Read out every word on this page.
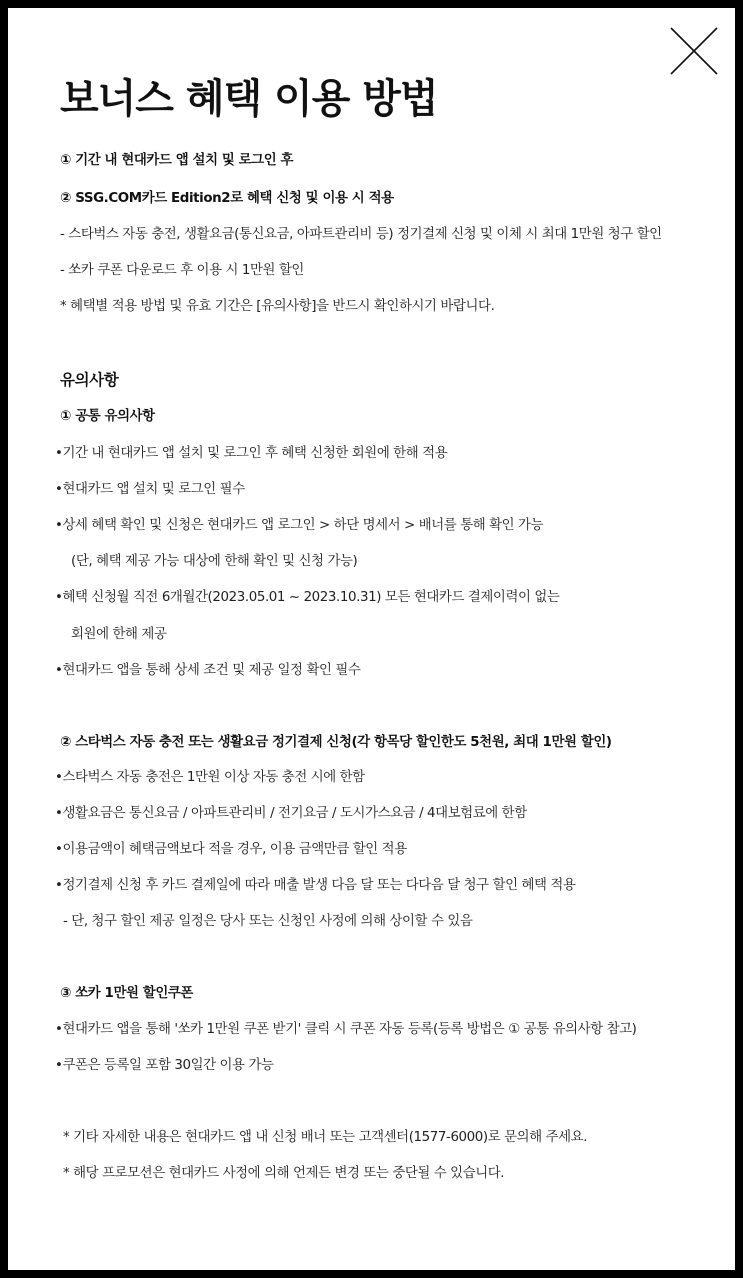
보너스 혜택 이용 방법
① 기간 내 현대카드 앱 설치 및 로그인 후
② SSG.COM카드 Edition2로 혜택 신청 및 이용 시 적용
- 스타벅스 자동 충전, 생활요금(통신요금, 아파트관리비 등) 정기결제 신청 및 이체 시 최대 1만원 청구 할인
- 쏘카 쿠폰 다운로드 후 이용 시 1만원 할인
* 혜택별 적용 방법 및 유효 기간은 [유의사항]을 반드시 확인하시기 바랍니다.
유의사항
① 공통 유의사항
•기간 내 현대카드 앱 설치 및 로그인 후 혜택 신청한 회원에 한해 적용
•현대카드 앱 설치 및 로그인 필수
•상세 혜택 확인 및 신청은 현대카드 앱 로그인 > 하단 명세서 > 배너를 통해 확인 가능
(단, 혜택 제공 가능 대상에 한해 확인 및 신청 가능)
•혜택 신청월 직전 6개월간(2023.05.01 ~ 2023.10.31) 모든 현대카드 결제이력이 없는
회원에 한해 제공
•현대카드 앱을 통해 상세 조건 및 제공 일정 확인 필수
② 스타벅스 자동 충전 또는 생활요금 정기결제 신청(각 항목당 할인한도 5천원, 최대 1만원 할인)
•스타벅스 자동 충전은 1만원 이상 자동 충전 시에 한함
•생활요금은 통신요금 / 아파트관리비 / 전기요금 / 도시가스요금 / 4대보험료에 한함
•이용금액이 혜택금액보다 적을 경우, 이용 금액만큼 할인 적용
•정기결제 신청 후 카드 결제일에 따라 매출 발생 다음 달 또는 다다음 달 청구 할인 혜택 적용
- 단, 청구 할인 제공 일정은 당사 또는 신청인 사정에 의해 상이할 수 있음
③ 쏘카 1만원 할인쿠폰
•현대카드 앱을 통해 '쏘카 1만원 쿠폰 받기' 클릭 시 쿠폰 자동 등록(등록 방법은 ① 공통 유의사항 참고)
•쿠폰은 등록일 포함 30일간 이용 가능
* 기타 자세한 내용은 현대카드 앱 내 신청 배너 또는 고객센터(1577-6000)로 문의해 주세요.
* 해당 프로모션은 현대카드 사정에 의해 언제든 변경 또는 중단될 수 있습니다.
